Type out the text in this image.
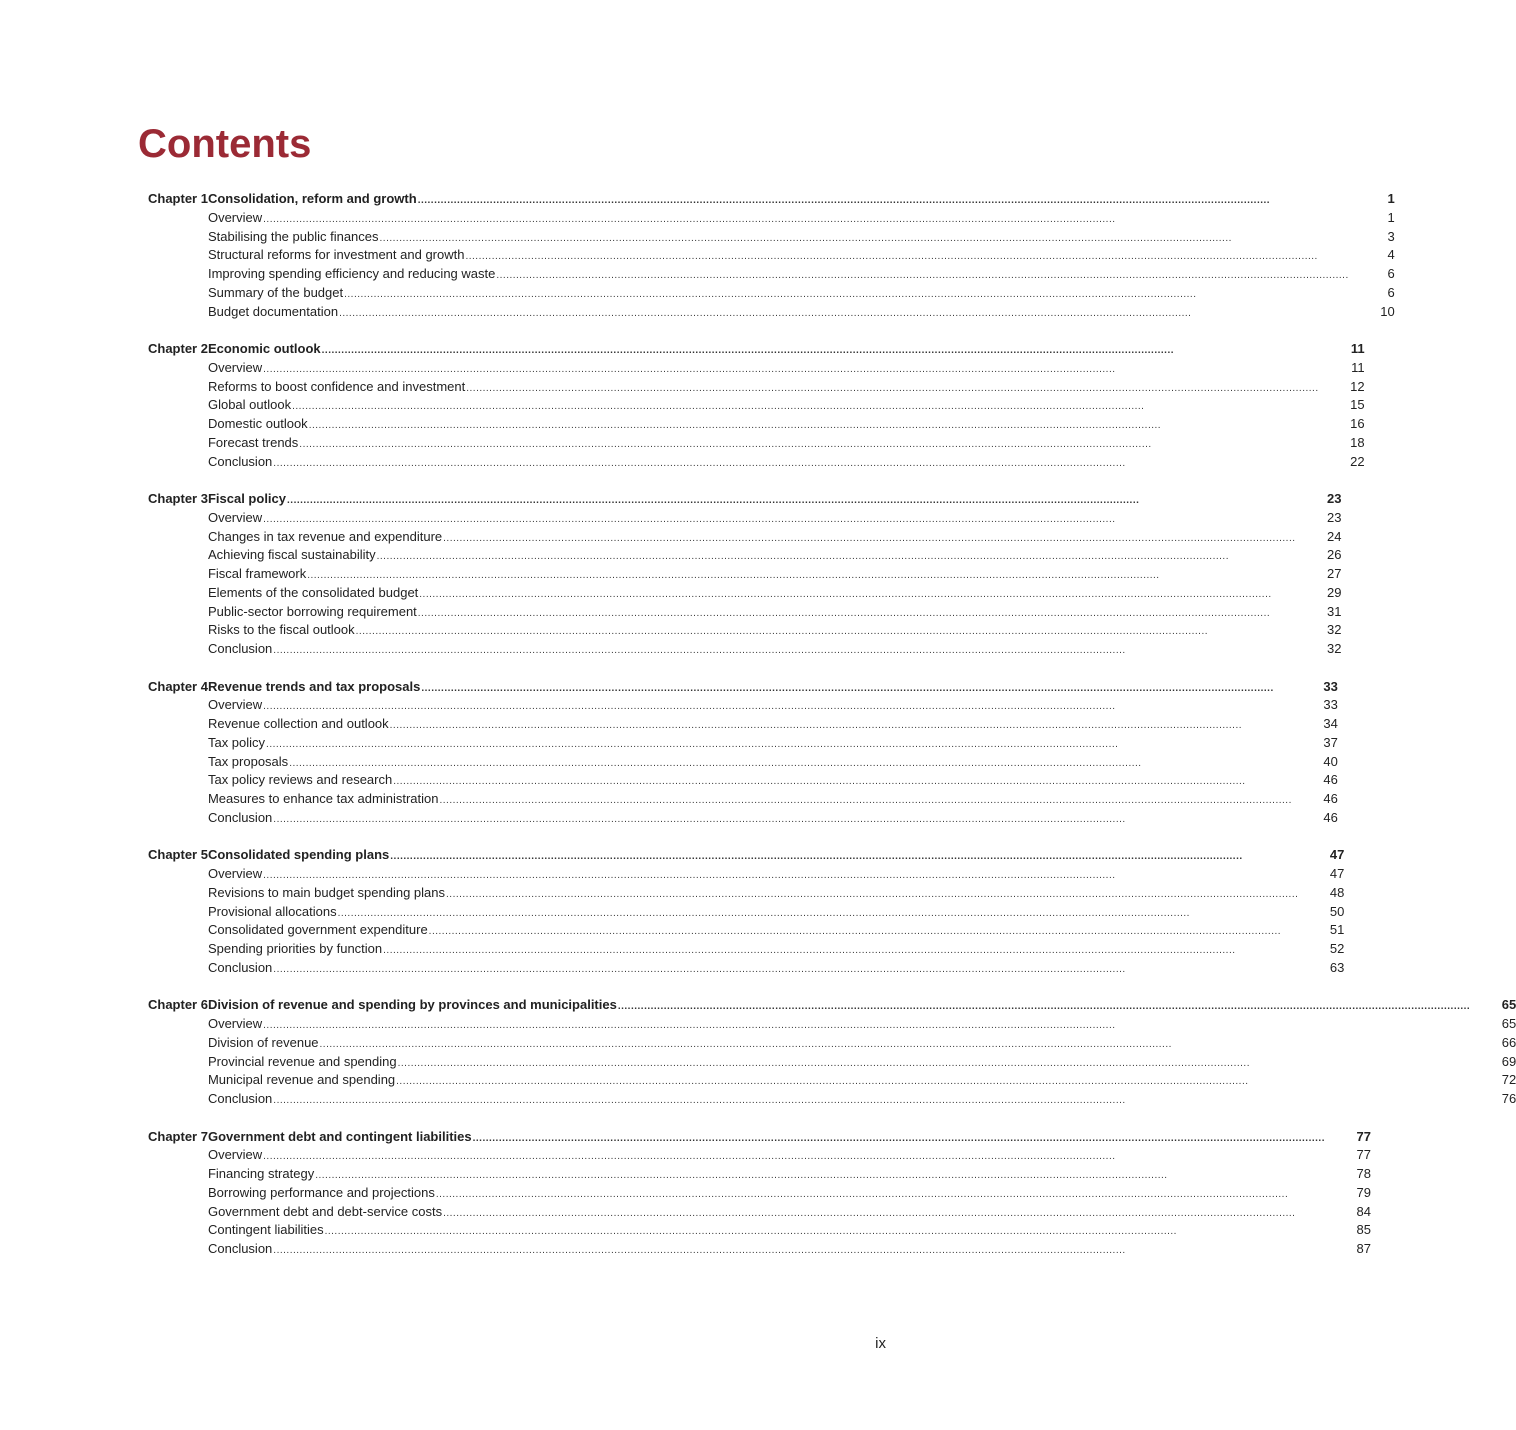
Contents
Chapter 1 Consolidation, reform and growth ....................................................................................................................................................................................................................................................................	1
Overview ....................................................................................................................................................................................................................................................................	1
Stabilising the public finances ....................................................................................................................................................................................................................................................................	3
Structural reforms for investment and growth ....................................................................................................................................................................................................................................................................	4
Improving spending efficiency and reducing waste ....................................................................................................................................................................................................................................................................	6
Summary of the budget ....................................................................................................................................................................................................................................................................	6
Budget documentation ....................................................................................................................................................................................................................................................................	10
Chapter 2 Economic outlook ....................................................................................................................................................................................................................................................................	11
Overview ....................................................................................................................................................................................................................................................................	11
Reforms to boost confidence and investment ....................................................................................................................................................................................................................................................................	12
Global outlook ....................................................................................................................................................................................................................................................................	15
Domestic outlook ....................................................................................................................................................................................................................................................................	16
Forecast trends ....................................................................................................................................................................................................................................................................	18
Conclusion ....................................................................................................................................................................................................................................................................	22
Chapter 3 Fiscal policy ....................................................................................................................................................................................................................................................................	23
Overview ....................................................................................................................................................................................................................................................................	23
Changes in tax revenue and expenditure ....................................................................................................................................................................................................................................................................	24
Achieving fiscal sustainability ....................................................................................................................................................................................................................................................................	26
Fiscal framework ....................................................................................................................................................................................................................................................................	27
Elements of the consolidated budget ....................................................................................................................................................................................................................................................................	29
Public-sector borrowing requirement ....................................................................................................................................................................................................................................................................	31
Risks to the fiscal outlook ....................................................................................................................................................................................................................................................................	32
Conclusion ....................................................................................................................................................................................................................................................................	32
Chapter 4 Revenue trends and tax proposals ....................................................................................................................................................................................................................................................................	33
Overview ....................................................................................................................................................................................................................................................................	33
Revenue collection and outlook ....................................................................................................................................................................................................................................................................	34
Tax policy ....................................................................................................................................................................................................................................................................	37
Tax proposals ....................................................................................................................................................................................................................................................................	40
Tax policy reviews and research ....................................................................................................................................................................................................................................................................	46
Measures to enhance tax administration ....................................................................................................................................................................................................................................................................	46
Conclusion ....................................................................................................................................................................................................................................................................	46
Chapter 5 Consolidated spending plans ....................................................................................................................................................................................................................................................................	47
Overview ....................................................................................................................................................................................................................................................................	47
Revisions to main budget spending plans ....................................................................................................................................................................................................................................................................	48
Provisional allocations ....................................................................................................................................................................................................................................................................	50
Consolidated government expenditure ....................................................................................................................................................................................................................................................................	51
Spending priorities by function ....................................................................................................................................................................................................................................................................	52
Conclusion ....................................................................................................................................................................................................................................................................	63
Chapter 6 Division of revenue and spending by provinces and municipalities ....................................................................................................................................................................................................................................................................	65
Overview ....................................................................................................................................................................................................................................................................	65
Division of revenue ....................................................................................................................................................................................................................................................................	66
Provincial revenue and spending ....................................................................................................................................................................................................................................................................	69
Municipal revenue and spending ....................................................................................................................................................................................................................................................................	72
Conclusion ....................................................................................................................................................................................................................................................................	76
Chapter 7 Government debt and contingent liabilities ....................................................................................................................................................................................................................................................................	77
Overview ....................................................................................................................................................................................................................................................................	77
Financing strategy ....................................................................................................................................................................................................................................................................	78
Borrowing performance and projections ....................................................................................................................................................................................................................................................................	79
Government debt and debt-service costs ....................................................................................................................................................................................................................................................................	84
Contingent liabilities ....................................................................................................................................................................................................................................................................	85
Conclusion ....................................................................................................................................................................................................................................................................	87
ix
